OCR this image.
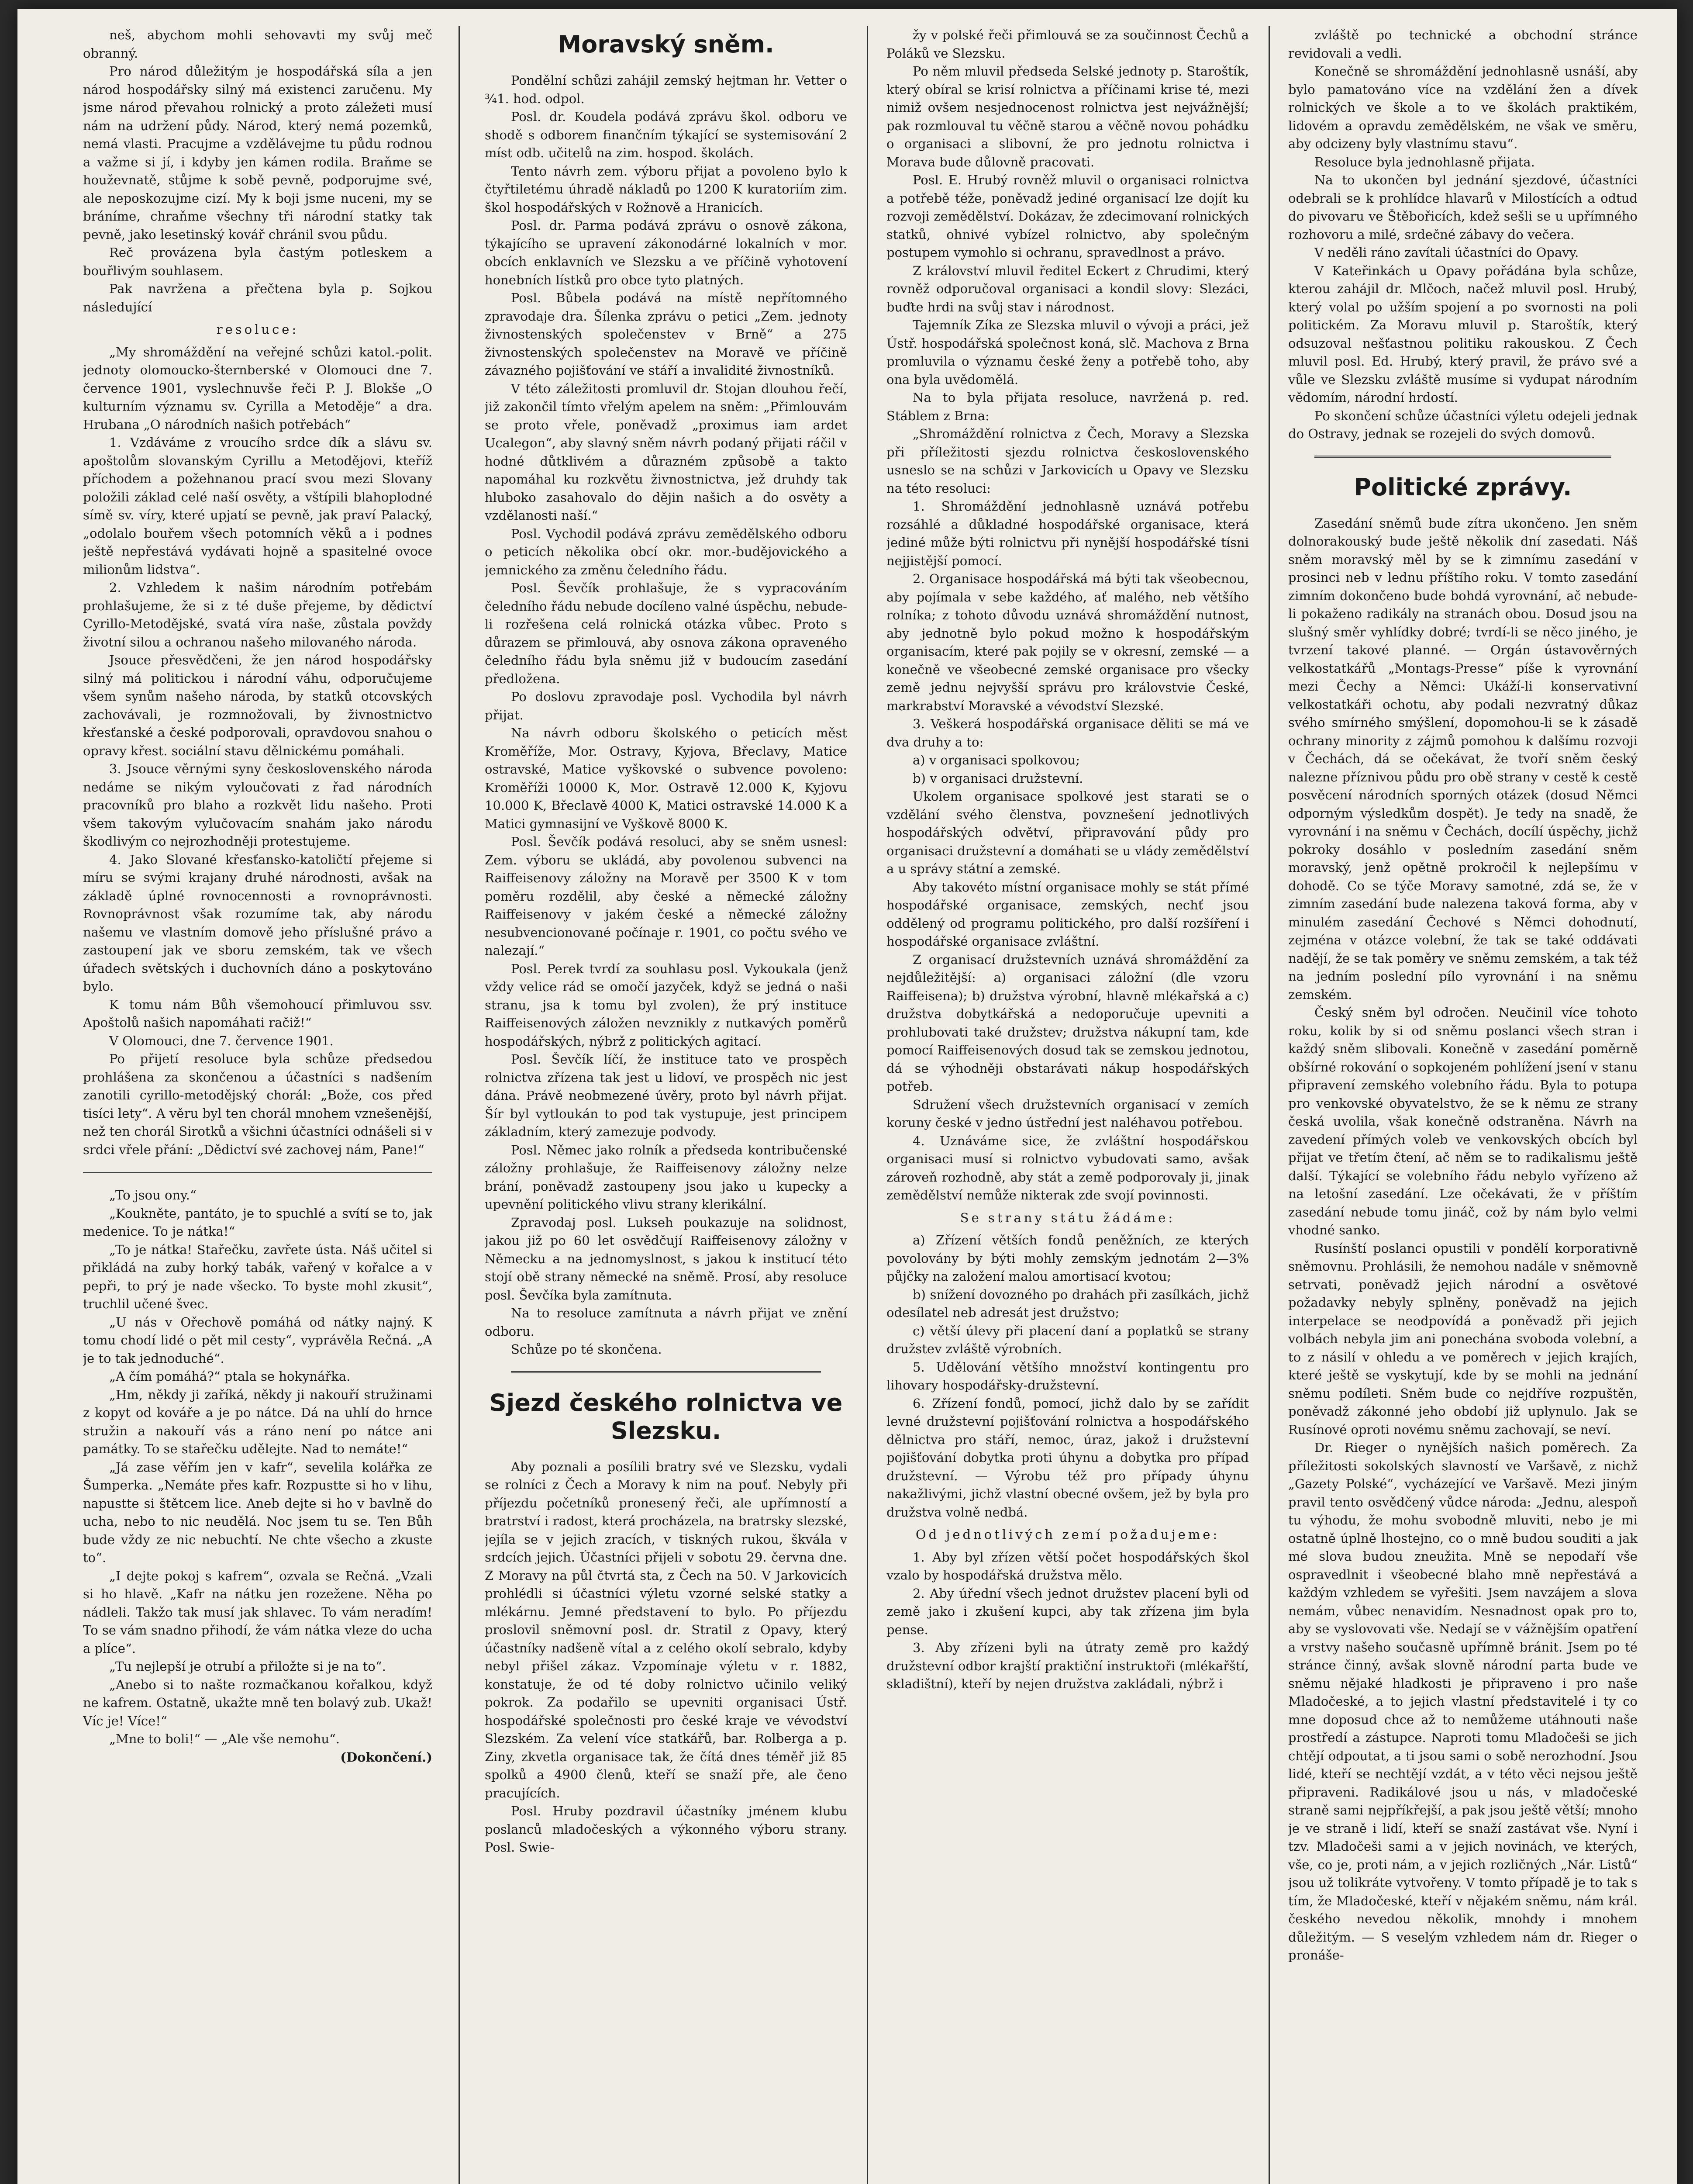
neš, abychom mohli sehovavti my svůj meč obranný.

Pro národ důležitým je hospodářská síla a jen národ hospodářsky silný má existenci zaručenu. My jsme národ převahou rolnický a proto záležeti musí nám na udržení půdy. Národ, který nemá pozemků, nemá vlasti. Pracujme a vzdělávejme tu půdu rodnou a važme si jí, i kdyby jen kámen rodila. Braňme se houževnatě, stůjme k sobě pevně, podporujme své, ale neposkozujme cizí. My k boji jsme nuceni, my se bráníme, chraňme všechny tři národní statky tak pevně, jako lesetinský kovář chránil svou půdu.

Reč provázena byla častým potleskem a bouřlivým souhlasem.

Pak navržena a přečtena byla p. Sojkou následující

resoluce:

„My shromáždění na veřejné schůzi katol.-polit. jednoty olomoucko-šternberské v Olomouci dne 7. července 1901, vyslechnuvše řeči P. J. Blokše „O kulturním významu sv. Cyrilla a Metoděje“ a dra. Hrubana „O národních našich potřebách“

1. Vzdáváme z vroucího srdce dík a slávu sv. apoštolům slovanským Cyrillu a Metodějovi, kteříž příchodem a požehnanou prací svou mezi Slovany položili základ celé naší osvěty, a vštípili blahoplodné símě sv. víry, které upjatí se pevně, jak praví Palacký, „odolalo bouřem všech potomních věků a i podnes ještě nepřestává vydávati hojně a spasitelné ovoce milionům lidstva“.

2. Vzhledem k našim národním potřebám prohlašujeme, že si z té duše přejeme, by dědictví Cyrillo-Metodějské, svatá víra naše, zůstala povždy životní silou a ochranou našeho milovaného národa.

Jsouce přesvědčeni, že jen národ hospodářsky silný má politickou i národní váhu, odporučujeme všem synům našeho národa, by statků otcovských zachovávali, je rozmnožovali, by živnostnictvo křesťanské a české podporovali, opravdovou snahou o opravy křest. sociální stavu dělnickému pomáhali.

3. Jsouce věrnými syny československého národa nedáme se nikým vyloučovati z řad národních pracovníků pro blaho a rozkvět lidu našeho. Proti všem takovým vylučovacím snahám jako národu škodlivým co nejrozhodněji protestujeme.

4. Jako Slované křesťansko-katoličtí přejeme si míru se svými krajany druhé národnosti, avšak na základě úplné rovnocennosti a rovnoprávnosti. Rovnoprávnost však rozumíme tak, aby národu našemu ve vlastním domově jeho příslušné právo a zastoupení jak ve sboru zemském, tak ve všech úřadech světských i duchovních dáno a poskytováno bylo.

K tomu nám Bůh všemohoucí přimluvou ssv. Apoštolů našich napomáhati račiž!“

V Olomouci, dne 7. července 1901.

Po přijetí resoluce byla schůze předsedou prohlášena za skončenou a účastníci s nadšením zanotili cyrillo-metodějský chorál: „Bože, cos před tisíci lety“. A věru byl ten chorál mnohem vznešenější, než ten chorál Sirotků a všichni účastníci odnášeli si v srdci vřele přání: „Dědictví své zachovej nám, Pane!“

„To jsou ony.“

„Koukněte, pantáto, je to spuchlé a svítí se to, jak medenice. To je nátka!“

„To je nátka! Stařečku, zavřete ústa. Náš učitel si přikládá na zuby horký tabák, vařený v kořalce a v pepři, to prý je nade všecko. To byste mohl zkusit“, truchlil učené švec.

„U nás v Ořechově pomáhá od nátky najný. K tomu chodí lidé o pět mil cesty“, vyprávěla Rečná. „A je to tak jednoduché“.

„A čím pomáhá?“ ptala se hokynářka.

„Hm, někdy ji zaříká, někdy ji nakouří stružinami z kopyt od kováře a je po nátce. Dá na uhlí do hrnce stružin a nakouří vás a ráno není po nátce ani památky. To se stařečku udělejte. Nad to nemáte!“

„Já zase věřím jen v kafr“, sevelila kolářka ze Šumperka. „Nemáte přes kafr. Rozpustte si ho v lihu, napustte si štětcem lice. Aneb dejte si ho v bavlně do ucha, nebo to nic neudělá. Noc jsem tu se. Ten Bůh bude vždy ze nic nebuchtí. Ne chte všecho a zkuste to“.

„I dejte pokoj s kafrem“, ozvala se Rečná. „Vzali si ho hlavě. „Kafr na nátku jen rozežene. Něha po nádleli. Takžo tak musí jak shlavec. To vám neradím! To se vám snadno přihodí, že vám nátka vleze do ucha a plíce“.

„Tu nejlepší je otrubí a přiložte si je na to“.

„Anebo si to našte rozmačkanou kořalkou, když ne kafrem. Ostatně, ukažte mně ten bolavý zub. Ukaž! Víc je! Více!“

„Mne to boli!“ — „Ale vše nemohu“.

(Dokončení.)

Moravský sněm.

Pondělní schůzi zahájil zemský hejtman hr. Vetter o ¾1. hod. odpol.

Posl. dr. Koudela podává zprávu škol. odboru ve shodě s odborem finančním týkající se systemisování 2 míst odb. učitelů na zim. hospod. školách.

Tento návrh zem. výboru přijat a povoleno bylo k čtyřtiletému úhradě nákladů po 1200 K kuratoriím zim. škol hospodářských v Rožnově a Hranicích.

Posl. dr. Parma podává zprávu o osnově zákona, týkajícího se upravení zákonodárné lokalních v mor. obcích enklavních ve Slezsku a ve příčině vyhotovení honebních lístků pro obce tyto platných.

Posl. Bůbela podává na místě nepřítomného zpravodaje dra. Šílenka zprávu o petici „Zem. jednoty živnostenských společenstev v Brně“ a 275 živnostenských společenstev na Moravě ve příčině závazného pojišťování ve stáří a invalidité živnostníků.

V této záležitosti promluvil dr. Stojan dlouhou řečí, již zakončil tímto vřelým apelem na sněm: „Přimlouvám se proto vřele, poněvadž „proximus iam ardet Ucalegon“, aby slavný sněm návrh podaný přijati ráčil v hodné důtklivém a důrazném způsobě a takto napomáhal ku rozkvětu živnostnictva, jež druhdy tak hluboko zasahovalo do dějin našich a do osvěty a vzdělanosti naší.“

Posl. Vychodil podává zprávu zemědělského odboru o peticích několika obcí okr. mor.-budějovického a jemnického za změnu čeledního řádu.

Posl. Ševčík prohlašuje, že s vypracováním čeledního řádu nebude docíleno valné úspěchu, nebude-li rozřešena celá rolnická otázka vůbec. Proto s důrazem se přimlouvá, aby osnova zákona opraveného čeledního řádu byla sněmu již v budoucím zasedání předložena.

Po doslovu zpravodaje posl. Vychodila byl návrh přijat.

Na návrh odboru školského o peticích měst Kroměříže, Mor. Ostravy, Kyjova, Břeclavy, Matice ostravské, Matice vyškovské o subvence povoleno: Kroměříži 10000 K, Mor. Ostravě 12.000 K, Kyjovu 10.000 K, Břeclavě 4000 K, Matici ostravské 14.000 K a Matici gymnasijní ve Vyškově 8000 K.

Posl. Ševčík podává resoluci, aby se sněm usnesl: Zem. výboru se ukládá, aby povolenou subvenci na Raiffeisenovy záložny na Moravě per 3500 K v tom poměru rozdělil, aby české a německé záložny Raiffeisenovy v jakém české a německé záložny nesubvencionované počínaje r. 1901, co počtu svého ve nalezají.“

Posl. Perek tvrdí za souhlasu posl. Vykoukala (jenž vždy velice rád se omočí jazyček, když se jedná o naši stranu, jsa k tomu byl zvolen), že prý instituce Raiffeisenových záložen nevznikly z nutkavých poměrů hospodářských, nýbrž z politických agitací.

Posl. Ševčík líčí, že instituce tato ve prospěch rolnictva zřízena tak jest u lidoví, ve prospěch nic jest dána. Právě neobmezené úvěry, proto byl návrh přijat. Šír byl vytloukán to pod tak vystupuje, jest principem základním, který zamezuje podvody.

Posl. Němec jako rolník a předseda kontribučenské záložny prohlašuje, že Raiffeisenovy záložny nelze brání, poněvadž zastoupeny jsou jako u kupecky a upevnění politického vlivu strany klerikální.

Zpravodaj posl. Lukseh poukazuje na solidnost, jakou již po 60 let osvědčují Raiffeisenovy záložny v Německu a na jednomyslnost, s jakou k institucí této stojí obě strany německé na sněmě. Prosí, aby resoluce posl. Ševčíka byla zamítnuta.

Na to resoluce zamítnuta a návrh přijat ve znění odboru.

Schůze po té skončena.

Sjezd českého rolnictva ve Slezsku.

Aby poznali a posílili bratry své ve Slezsku, vydali se rolníci z Čech a Moravy k nim na pouť. Nebyly při příjezdu početníků pronesený řeči, ale upřímností a bratrství i radost, která procházela, na bratrsky slezské, jejíla se v jejich zracích, v tiskných rukou, škvála v srdcích jejich. Účastníci přijeli v sobotu 29. června dne. Z Moravy na půl čtvrtá sta, z Čech na 50. V Jarkovicích prohlédli si účastníci výletu vzorné selské statky a mlékárnu. Jemné představení to bylo. Po příjezdu proslovil sněmovní posl. dr. Stratil z Opavy, který účastníky nadšeně vítal a z celého okolí sebralo, kdyby nebyl přišel zákaz. Vzpomínaje výletu v r. 1882, konstatuje, že od té doby rolnictvo učinilo veliký pokrok. Za podařilo se upevniti organisaci Ústř. hospodářské společnosti pro české kraje ve vévodství Slezském. Za velení více statkářů, bar. Rolberga a p. Ziny, zkvetla organisace tak, že čítá dnes téměř již 85 spolků a 4900 členů, kteří se snaží pře, ale čeno pracujících.

Posl. Hruby pozdravil účastníky jménem klubu poslanců mladočeských a výkonného výboru strany. Posl. Swie-

žy v polské řeči přimlouvá se za součinnost Čechů a Poláků ve Slezsku.

Po něm mluvil předseda Selské jednoty p. Staroštík, který obíral se krisí rolnictva a příčinami krise té, mezi nimiž ovšem nesjednocenost rolnictva jest nejvážnější; pak rozmlouval tu věčně starou a věčně novou pohádku o organisaci a slibovní, že pro jednotu rolnictva i Morava bude důlovně pracovati.

Posl. E. Hrubý rovněž mluvil o organisaci rolnictva a potřebě téže, poněvadž jediné organisací lze dojít ku rozvoji zemědělství. Dokázav, že zdecimovaní rolnických statků, ohnivé vybízel rolnictvo, aby společným postupem vymohlo si ochranu, spravedlnost a právo.

Z království mluvil ředitel Eckert z Chrudimi, který rovněž odporučoval organisaci a kondil slovy: Slezáci, buďte hrdi na svůj stav i národnost.

Tajemník Zíka ze Slezska mluvil o vývoji a práci, jež Ústř. hospodářská společnost koná, slč. Machova z Brna promluvila o významu české ženy a potřebě toho, aby ona byla uvědomělá.

Na to byla přijata resoluce, navržená p. red. Stáblem z Brna:

„Shromáždění rolnictva z Čech, Moravy a Slezska při příležitosti sjezdu rolnictva československého usneslo se na schůzi v Jarkovicích u Opavy ve Slezsku na této resoluci:

1. Shromáždění jednohlasně uznává potřebu rozsáhlé a důkladné hospodářské organisace, která jediné může býti rolnictvu při nynější hospodářské tísni nejjistější pomocí.

2. Organisace hospodářská má býti tak všeobecnou, aby pojímala v sebe každého, ať malého, neb většího rolníka; z tohoto důvodu uznává shromáždění nutnost, aby jednotně bylo pokud možno k hospodářským organisacím, které pak pojily se v okresní, zemské — a konečně ve všeobecné zemské organisace pro všecky země jednu nejvyšší správu pro královstvie České, markrabství Moravské a vévodství Slezské.

3. Veškerá hospodářská organisace děliti se má ve dva druhy a to:

a) v organisaci spolkovou;

b) v organisaci družstevní.

Ukolem organisace spolkové jest starati se o vzdělání svého členstva, povznešení jednotlivých hospodářských odvětví, připravování půdy pro organisaci družstevní a domáhati se u vlády zemědělství a u správy státní a zemské.

Aby takovéto místní organisace mohly se stát přímé hospodářské organisace, zemských, nechť jsou oddělený od programu politického, pro další rozšíření i hospodářské organisace zvláštní.

Z organisací družstevních uznává shromáždění za nejdůležitější: a) organisaci záložní (dle vzoru Raiffeisena); b) družstva výrobní, hlavně mlékařská a c) družstva dobytkářská a nedoporučuje upevniti a prohlubovati také družstev; družstva nákupní tam, kde pomocí Raiffeisenových dosud tak se zemskou jednotou, dá se výhodněji obstarávati nákup hospodářských potřeb.

Sdružení všech družstevních organisací v zemích koruny české v jedno ústřední jest naléhavou potřebou.

4. Uznáváme sice, že zvláštní hospodářskou organisaci musí si rolnictvo vybudovati samo, avšak zároveň rozhodně, aby stát a země podporovaly ji, jinak zemědělství nemůže nikterak zde svojí povinnosti.

Se strany státu žádáme:

a) Zřízení větších fondů peněžních, ze kterých povolovány by býti mohly zemským jednotám 2—3% půjčky na založení malou amortisací kvotou;

b) snížení dovozného po drahách při zasílkách, jichž odesílatel neb adresát jest družstvo;

c) větší úlevy při placení daní a poplatků se strany družstev zvláště výrobních.

5. Udělování většího množství kontingentu pro lihovary hospodářsky-družstevní.

6. Zřízení fondů, pomocí, jichž dalo by se zařídit levné družstevní pojišťování rolnictva a hospodářského dělnictva pro stáří, nemoc, úraz, jakož i družstevní pojišťování dobytka proti úhynu a dobytka pro případ družstevní. — Výrobu též pro případy úhynu nakažlivými, jichž vlastní obecné ovšem, jež by byla pro družstva volně nedbá.

Od jednotlivých zemí požadujeme:

1. Aby byl zřízen větší počet hospodářských škol vzalo by hospodářská družstva mělo.

2. Aby úřední všech jednot družstev placení byli od země jako i zkušení kupci, aby tak zřízena jim byla pense.

3. Aby zřízeni byli na útraty země pro každý družstevní odbor krajští praktiční instruktoři (mlékařští, skladištní), kteří by nejen družstva zakládali, nýbrž i

zvláště po technické a obchodní stránce revidovali a vedli.

Konečně se shromáždění jednohlasně usnáší, aby bylo pamatováno více na vzdělání žen a dívek rolnických ve škole a to ve školách praktikém, lidovém a opravdu zemědělském, ne však ve směru, aby odcizeny byly vlastnímu stavu“.

Resoluce byla jednohlasně přijata.

Na to ukončen byl jednání sjezdové, účastníci odebrali se k prohlídce hlavarů v Milostících a odtud do pivovaru ve Štěbořicích, kdež sešli se u upřímného rozhovoru a milé, srdečné zábavy do večera.

V neděli ráno zavítali účastníci do Opavy.

V Kateřinkách u Opavy pořádána byla schůze, kterou zahájil dr. Mlčoch, načež mluvil posl. Hrubý, který volal po užším spojení a po svornosti na poli politickém. Za Moravu mluvil p. Staroštík, který odsuzoval nešťastnou politiku rakouskou. Z Čech mluvil posl. Ed. Hrubý, který pravil, že právo své a vůle ve Slezsku zvláště musíme si vydupat národním vědomím, národní hrdostí.

Po skončení schůze účastníci výletu odejeli jednak do Ostravy, jednak se rozejeli do svých domovů.

Politické zprávy.

Zasedání sněmů bude zítra ukončeno. Jen sněm dolnorakouský bude ještě několik dní zasedati. Náš sněm moravský měl by se k zimnímu zasedání v prosinci neb v lednu příštího roku. V tomto zasedání zimním dokončeno bude bohdá vyrovnání, ač nebude-li pokaženo radikály na stranách obou. Dosud jsou na slušný směr vyhlídky dobré; tvrdí-li se něco jiného, je tvrzení takové planné. — Orgán ústavověrných velkostatkářů „Montags-Presse“ píše k vyrovnání mezi Čechy a Němci: Ukáží-li konservativní velkostatkáři ochotu, aby podali nezvratný důkaz svého smírného smýšlení, dopomohou-li se k zásadě ochrany minority z zájmů pomohou k dalšímu rozvoji v Čechách, dá se očekávat, že tvoří sněm český nalezne příznivou půdu pro obě strany v cestě k cestě posvěcení národních sporných otázek (dosud Němci odporným výsledkům dospět). Je tedy na snadě, že vyrovnání i na sněmu v Čechách, docílí úspěchy, jichž pokroky dosáhlo v posledním zasedání sněm moravský, jenž opětně prokročil k nejlepšímu v dohodě. Co se týče Moravy samotné, zdá se, že v zimním zasedání bude nalezena taková forma, aby v minulém zasedání Čechové s Němci dohodnutí, zejména v otázce volební, že tak se také oddávati nadějí, že se tak poměry ve sněmu zemském, a tak též na jedním poslední pílo vyrovnání i na sněmu zemském.

Český sněm byl odročen. Neučinil více tohoto roku, kolik by si od sněmu poslanci všech stran i každý sněm slibovali. Konečně v zasedání poměrně obšírné rokování o sopkojeném pohlížení jsení v stanu připravení zemského volebního řádu. Byla to potupa pro venkovské obyvatelstvo, že se k němu ze strany česká uvolila, však konečně odstraněna. Návrh na zavedení přímých voleb ve venkovských obcích byl přijat ve třetím čtení, ač něm se to radikalismu ještě další. Týkající se volebního řádu nebylo vyřízeno až na letošní zasedání. Lze očekávati, že v příštím zasedání nebude tomu jináč, což by nám bylo velmi vhodné sanko.

Rusínští poslanci opustili v pondělí korporativně sněmovnu. Prohlásili, že nemohou nadále v sněmovně setrvati, poněvadž jejich národní a osvětové požadavky nebyly splněny, poněvadž na jejich interpelace se neodpovídá a poněvadž při jejich volbách nebyla jim ani ponechána svoboda volební, a to z násilí v ohledu a ve poměrech v jejich krajích, které ještě se vyskytují, kde by se mohli na jednání sněmu podíleti. Sněm bude co nejdříve rozpuštěn, poněvadž zákonné jeho období již uplynulo. Jak se Rusínové oproti novému sněmu zachovají, se neví.

Dr. Rieger o nynějších našich poměrech. Za příležitosti sokolských slavností ve Varšavě, z nichž „Gazety Polské“, vycházející ve Varšavě. Mezi jiným pravil tento osvědčený vůdce národa: „Jednu, alespoň tu výhodu, že mohu svobodně mluviti, nebo je mi ostatně úplně lhostejno, co o mně budou souditi a jak mé slova budou zneužita. Mně se nepodaří vše ospravedlnit i všeobecné blaho mně nepřestává a každým vzhledem se vyřešiti. Jsem navzájem a slova nemám, vůbec nenavidím. Nesnadnost opak pro to, aby se vyslovovati vše. Nedají se v vážnějším opatření a vrstvy našeho současně upřímně bránit. Jsem po té stránce činný, avšak slovně národní parta bude ve sněmu nějaké hladkosti je připraveno i pro naše Mladočeské, a to jejich vlastní představitelé i ty co mne doposud chce až to nemůžeme utáhnouti naše prostředí a zástupce. Naproti tomu Mladočeši se jich chtějí odpoutat, a ti jsou sami o sobě nerozhodní. Jsou lidé, kteří se nechtějí vzdát, a v této věci nejsou ještě připraveni. Radikálové jsou u nás, v mladočeské straně sami nejpříkřejší, a pak jsou ještě větší; mnoho je ve straně i lidí, kteří se snaží zastávat vše. Nyní i tzv. Mladočeši sami a v jejich novinách, ve kterých, vše, co je, proti nám, a v jejich rozličných „Nár. Listů“ jsou už tolikráte vytvořeny. V tomto případě je to tak s tím, že Mladočeské, kteří v nějakém sněmu, nám král. českého nevedou několik, mnohdy i mnohem důležitým. — S veselým vzhledem nám dr. Rieger o pronáše-
